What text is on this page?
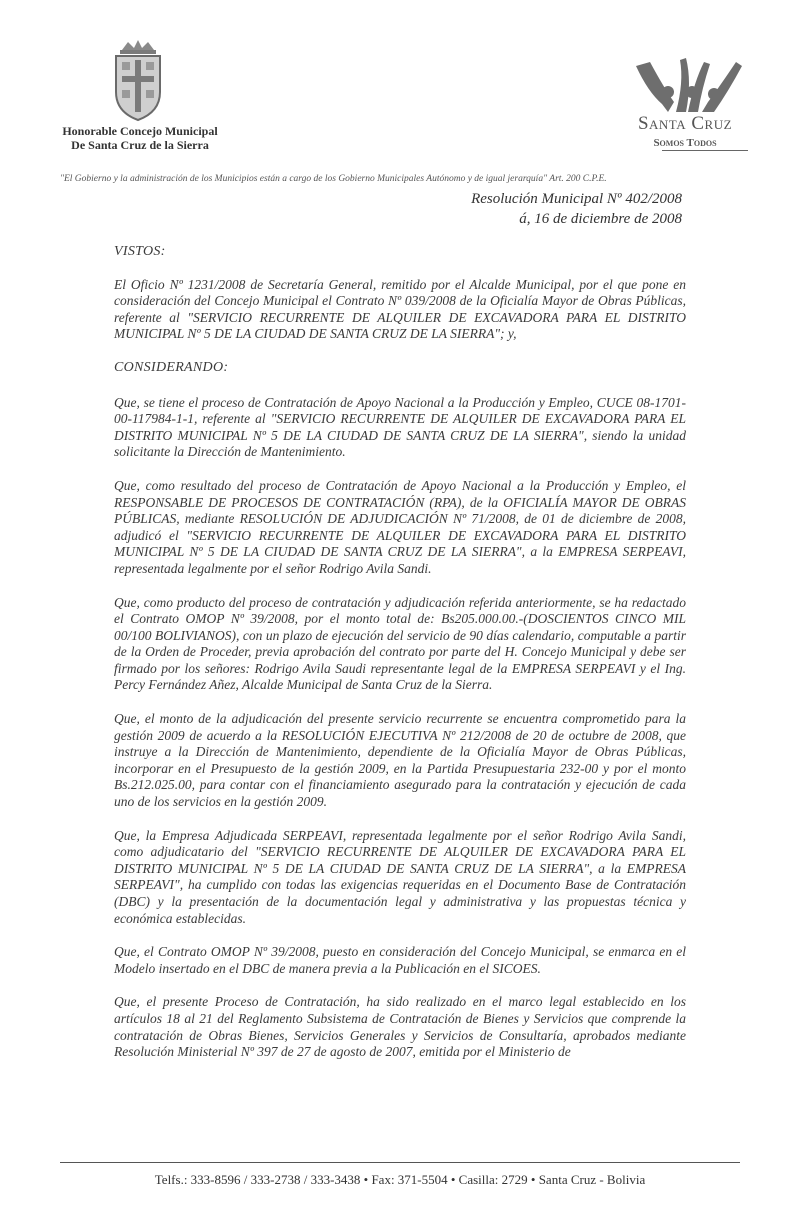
Honorable Concejo Municipal
De Santa Cruz de la Sierra
Santa Cruz
Somos Todos
"El Gobierno y la administración de los Municipios están a cargo de los Gobierno Municipales Autónomo y de igual jerarquía" Art. 200 C.P.E.
Resolución Municipal Nº 402/2008
á, 16 de diciembre de 2008

VISTOS:

El Oficio Nº 1231/2008 de Secretaría General, remitido por el Alcalde Municipal, por el que pone en consideración del Concejo Municipal el Contrato Nº 039/2008 de la Oficialía Mayor de Obras Públicas, referente al "SERVICIO RECURRENTE DE ALQUILER DE EXCAVADORA PARA EL DISTRITO MUNICIPAL Nº 5 DE LA CIUDAD DE SANTA CRUZ DE LA SIERRA"; y,

CONSIDERANDO:

Que, se tiene el proceso de Contratación de Apoyo Nacional a la Producción y Empleo, CUCE 08-1701-00-117984-1-1, referente al "SERVICIO RECURRENTE DE ALQUILER DE EXCAVADORA PARA EL DISTRITO MUNICIPAL Nº 5 DE LA CIUDAD DE SANTA CRUZ DE LA SIERRA", siendo la unidad solicitante la Dirección de Mantenimiento.

Que, como resultado del proceso de Contratación de Apoyo Nacional a la Producción y Empleo, el RESPONSABLE DE PROCESOS DE CONTRATACIÓN (RPA), de la OFICIALÍA MAYOR DE OBRAS PÚBLICAS, mediante RESOLUCIÓN DE ADJUDICACIÓN Nº 71/2008, de 01 de diciembre de 2008, adjudicó el "SERVICIO RECURRENTE DE ALQUILER DE EXCAVADORA PARA EL DISTRITO MUNICIPAL Nº 5 DE LA CIUDAD DE SANTA CRUZ DE LA SIERRA", a la EMPRESA SERPEAVI, representada legalmente por el señor Rodrigo Avila Sandi.

Que, como producto del proceso de contratación y adjudicación referida anteriormente, se ha redactado el Contrato OMOP Nº 39/2008, por el monto total de: Bs205.000.00.-(DOSCIENTOS CINCO MIL 00/100 BOLIVIANOS), con un plazo de ejecución del servicio de 90 días calendario, computable a partir de la Orden de Proceder, previa aprobación del contrato por parte del H. Concejo Municipal y debe ser firmado por los señores: Rodrigo Avila Saudi representante legal de la EMPRESA SERPEAVI y el Ing. Percy Fernández Añez, Alcalde Municipal de Santa Cruz de la Sierra.

Que, el monto de la adjudicación del presente servicio recurrente se encuentra comprometido para la gestión 2009 de acuerdo a la RESOLUCIÓN EJECUTIVA Nº 212/2008 de 20 de octubre de 2008, que instruye a la Dirección de Mantenimiento, dependiente de la Oficialía Mayor de Obras Públicas, incorporar en el Presupuesto de la gestión 2009, en la Partida Presupuestaria 232-00 y por el monto Bs.212.025.00, para contar con el financiamiento asegurado para la contratación y ejecución de cada uno de los servicios en la gestión 2009.

Que, la Empresa Adjudicada SERPEAVI, representada legalmente por el señor Rodrigo Avila Sandi, como adjudicatario del "SERVICIO RECURRENTE DE ALQUILER DE EXCAVADORA PARA EL DISTRITO MUNICIPAL Nº 5 DE LA CIUDAD DE SANTA CRUZ DE LA SIERRA", a la EMPRESA SERPEAVI", ha cumplido con todas las exigencias requeridas en el Documento Base de Contratación (DBC) y la presentación de la documentación legal y administrativa y las propuestas técnica y económica establecidas.

Que, el Contrato OMOP Nº 39/2008, puesto en consideración del Concejo Municipal, se enmarca en el Modelo insertado en el DBC de manera previa a la Publicación en el SICOES.

Que, el presente Proceso de Contratación, ha sido realizado en el marco legal establecido en los artículos 18 al 21 del Reglamento Subsistema de Contratación de Bienes y Servicios que comprende la contratación de Obras Bienes, Servicios Generales y Servicios de Consultaría, aprobados mediante Resolución Ministerial Nº 397 de 27 de agosto de 2007, emitida por el Ministerio de

Telfs.: 333-8596 / 333-2738 / 333-3438 • Fax: 371-5504 • Casilla: 2729 • Santa Cruz - Bolivia
